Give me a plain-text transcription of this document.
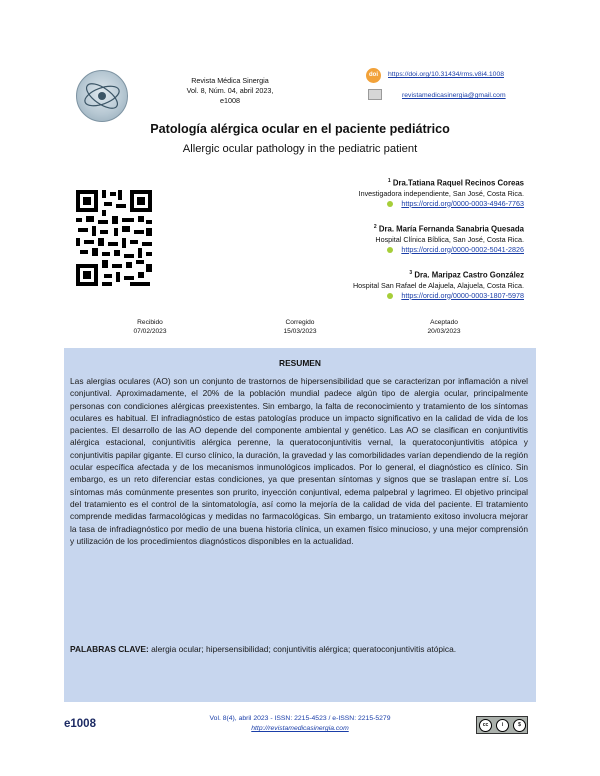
Revista Médica Sinergia
Vol. 8, Núm. 04, abril 2023, e1008
doi	https://doi.org/10.31434/rms.v8i4.1008
revistamedicasinergia@gmail.com
Patología alérgica ocular en el paciente pediátrico
Allergic ocular pathology in the pediatric patient
$^1$ Dra.Tatiana Raquel Recinos Coreas
Investigadora independiente, San José, Costa Rica.
https://orcid.org/0000-0003-4946-7763
$^2$ Dra. María Fernanda Sanabria Quesada
Hospital Clínica Bíblica, San José, Costa Rica.
https://orcid.org/0000-0002-5041-2826
$^3$ Dra. Maripaz Castro González
Hospital San Rafael de Alajuela, Alajuela, Costa Rica.
https://orcid.org/0000-0003-1807-5978
Recibido
07/02/2023
Corregido
15/03/2023
Aceptado
20/03/2023
RESUMEN
Las alergias oculares (AO) son un conjunto de trastornos de hipersensibilidad que se caracterizan por inflamación a nivel conjuntival. Aproximadamente, el 20% de la población mundial padece algún tipo de alergia ocular, principalmente personas con condiciones alérgicas preexistentes. Sin embargo, la falta de reconocimiento y tratamiento de los síntomas oculares es habitual. El infradiagnóstico de estas patologías produce un impacto significativo en la calidad de vida de los pacientes. El desarrollo de las AO depende del componente ambiental y genético. Las AO se clasifican en conjuntivitis alérgica estacional, conjuntivitis alérgica perenne, la queratoconjuntivitis vernal, la queratoconjuntivitis atópica y conjuntivitis papilar gigante. El curso clínico, la duración, la gravedad y las comorbilidades varían dependiendo de la región ocular específica afectada y de los mecanismos inmunológicos implicados. Por lo general, el diagnóstico es clínico. Sin embargo, es un reto diferenciar estas condiciones, ya que presentan síntomas y signos que se traslapan entre sí. Los síntomas más comúnmente presentes son prurito, inyección conjuntival, edema palpebral y lagrimeo. El objetivo principal del tratamiento es el control de la sintomatología, así como la mejoría de la calidad de vida del paciente. El tratamiento comprende medidas farmacológicas y medidas no farmacológicas. Sin embargo, un tratamiento exitoso involucra mejorar la tasa de infradiagnóstico por medio de una buena historia clínica, un examen físico minucioso, y una mejor comprensión y utilización de los procedimientos diagnósticos disponibles en la actualidad.
PALABRAS CLAVE: alergia ocular; hipersensibilidad; conjuntivitis alérgica; queratoconjuntivitis atópica.
e1008	Vol. 8(4), abril 2023 - ISSN: 2215-4523 / e-ISSN: 2215-5279
http://revistamedicasinergia.com	cc	i	$
